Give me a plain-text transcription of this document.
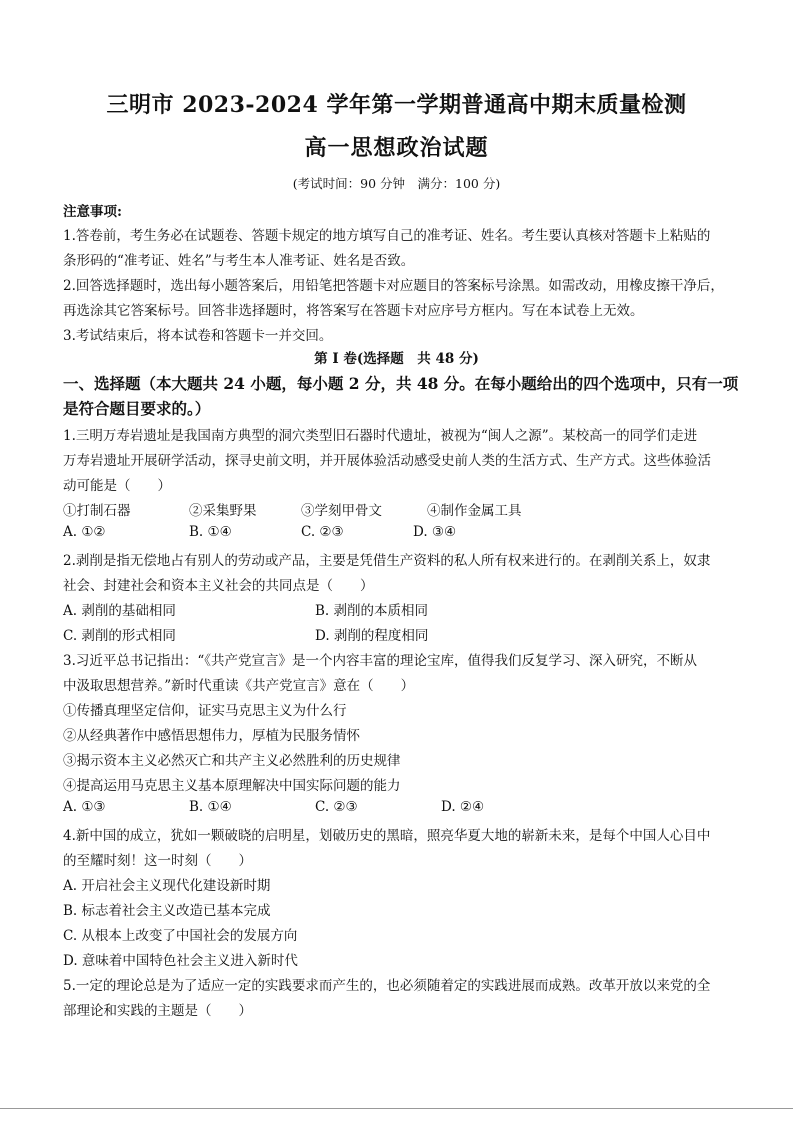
三明市 2023-2024 学年第一学期普通高中期末质量检测
高一思想政治试题
(考试时间：90 分钟　满分：100 分)
注意事项:
1.答卷前，考生务必在试题卷、答题卡规定的地方填写自己的准考证、姓名。考生要认真核对答题卡上粘贴的
条形码的“准考证、姓名”与考生本人准考证、姓名是否致。
2.回答选择题时，选出每小题答案后，用铅笔把答题卡对应题目的答案标号涂黑。如需改动，用橡皮擦干净后，
再选涂其它答案标号。回答非选择题时，将答案写在答题卡对应序号方框内。写在本试卷上无效。
3.考试结束后，将本试卷和答题卡一并交回。
第 I 卷(选择题　共 48 分)
一、选择题（本大题共 24 小题，每小题 2 分，共 48 分。在每小题给出的四个选项中，只有一项
是符合题目要求的。）
1.三明万寿岩遗址是我国南方典型的洞穴类型旧石器时代遗址，被视为“闽人之源”。某校高一的同学们走进
万寿岩遗址开展研学活动，探寻史前文明，并开展体验活动感受史前人类的生活方式、生产方式。这些体验活
动可能是（　　）
①打制石器	②采集野果	③学刻甲骨文	④制作金属工具
A. ①②	B. ①④	C. ②③	D. ③④
2.剥削是指无偿地占有别人的劳动或产品，主要是凭借生产资料的私人所有权来进行的。在剥削关系上，奴隶
社会、封建社会和资本主义社会的共同点是（　　）
A. 剥削的基础相同	B. 剥削的本质相同
C. 剥削的形式相同	D. 剥削的程度相同
3.习近平总书记指出：“《共产党宣言》是一个内容丰富的理论宝库，值得我们反复学习、深入研究，不断从
中汲取思想营养。”新时代重读《共产党宣言》意在（　　）
①传播真理坚定信仰，证实马克思主义为什么行
②从经典著作中感悟思想伟力，厚植为民服务情怀
③揭示资本主义必然灭亡和共产主义必然胜利的历史规律
④提高运用马克思主义基本原理解决中国实际问题的能力
A. ①③	B. ①④	C. ②③	D. ②④
4.新中国的成立，犹如一颗破晓的启明星，划破历史的黑暗，照亮华夏大地的崭新未来，是每个中国人心目中
的至耀时刻！这一时刻（　　）
A. 开启社会主义现代化建设新时期
B. 标志着社会主义改造已基本完成
C. 从根本上改变了中国社会的发展方向
D. 意味着中国特色社会主义进入新时代
5.一定的理论总是为了适应一定的实践要求而产生的，也必须随着定的实践进展而成熟。改革开放以来党的全
部理论和实践的主题是（　　）
